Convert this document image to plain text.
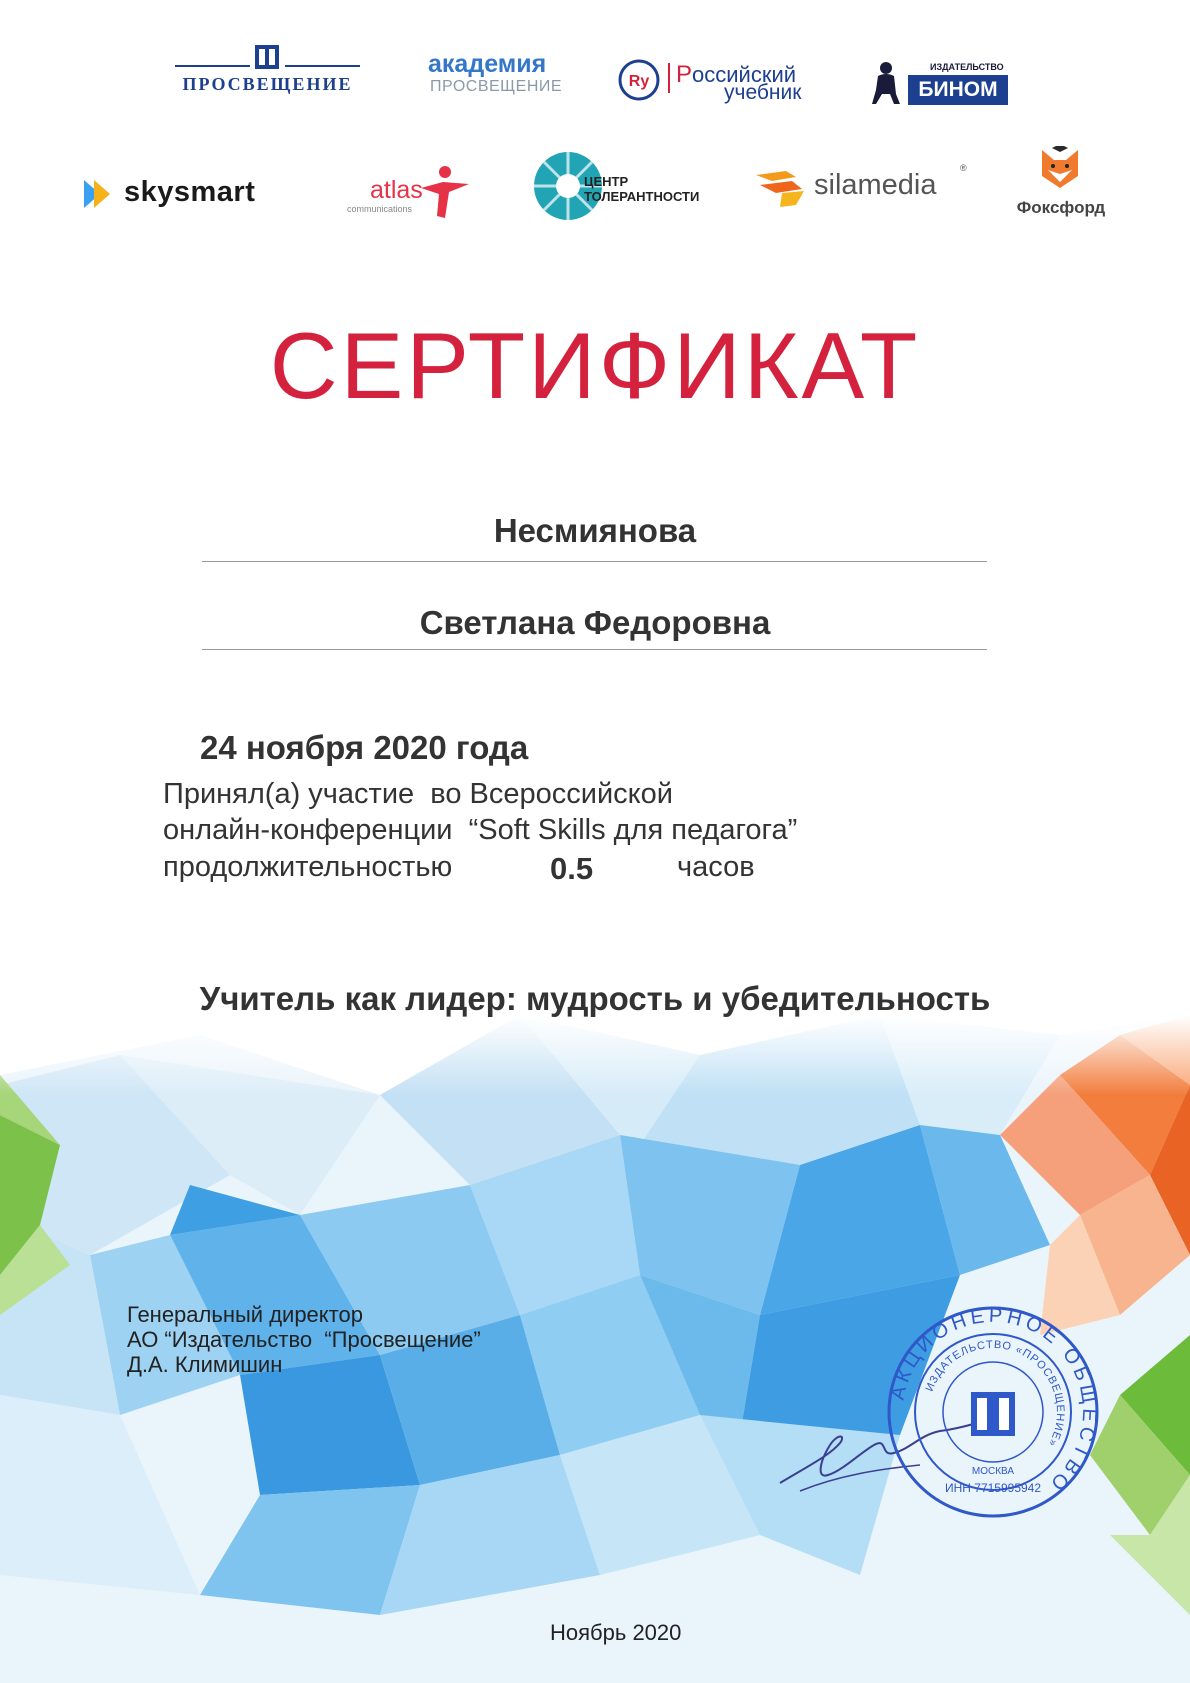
ПРОСВЕЩЕНИЕ
академия
ПРОСВЕЩЕНИЕ	Ry Российский
учебник
ИЗДАТЕЛЬСТВО
БИНОМ
skysmart	atlas
communications
ЦЕНТР
ТОЛЕРАНТНОСТИ	silamedia
®
Фоксфорд
СЕРТИФИКАТ
Несмиянова
Светлана Федоровна
24 ноября 2020 года
Принял(а) участие  во Всероссийской
онлайн-конференции  “Soft Skills для педагога”
продолжительностью	0.5	часов
Учитель как лидер: мудрость и убедительность
Генеральный директор
АО “Издательство  “Просвещение”
Д.А. Климишин
АКЦИОНЕРНОЕ ОБЩЕСТВО
ИЗДАТЕЛЬСТВО «ПРОСВЕЩЕНИЕ»
МОСКВА
ИНН 7715995942
Ноябрь 2020
